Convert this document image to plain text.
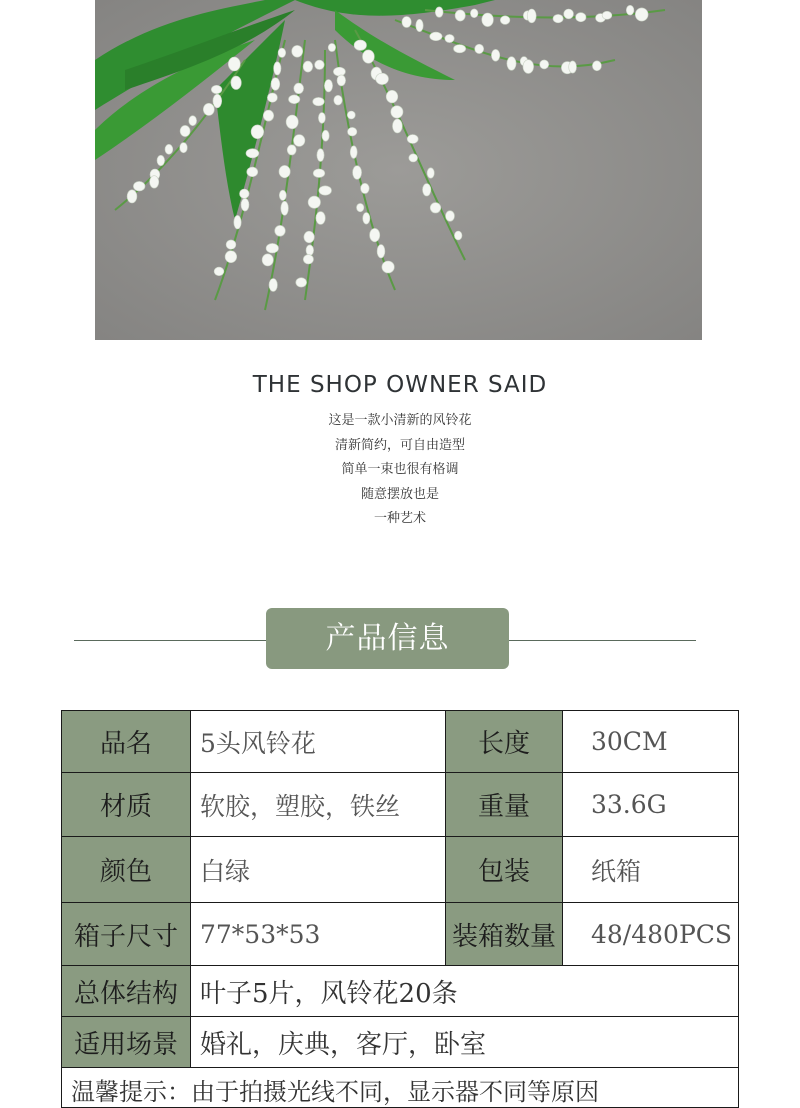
THE SHOP OWNER SAID
这是一款小清新的风铃花
清新简约，可自由造型
简单一束也很有格调
随意摆放也是
一种艺术
产品信息
品名	5头风铃花	长度	30CM
材质	软胶，塑胶，铁丝	重量	33.6G
颜色	白绿	包装	纸箱
箱子尺寸	77*53*53	装箱数量	48/480PCS
总体结构	叶子5片，风铃花20条		
适用场景	婚礼，庆典，客厅，卧室		
温馨提示：由于拍摄光线不同，显示器不同等原因			
